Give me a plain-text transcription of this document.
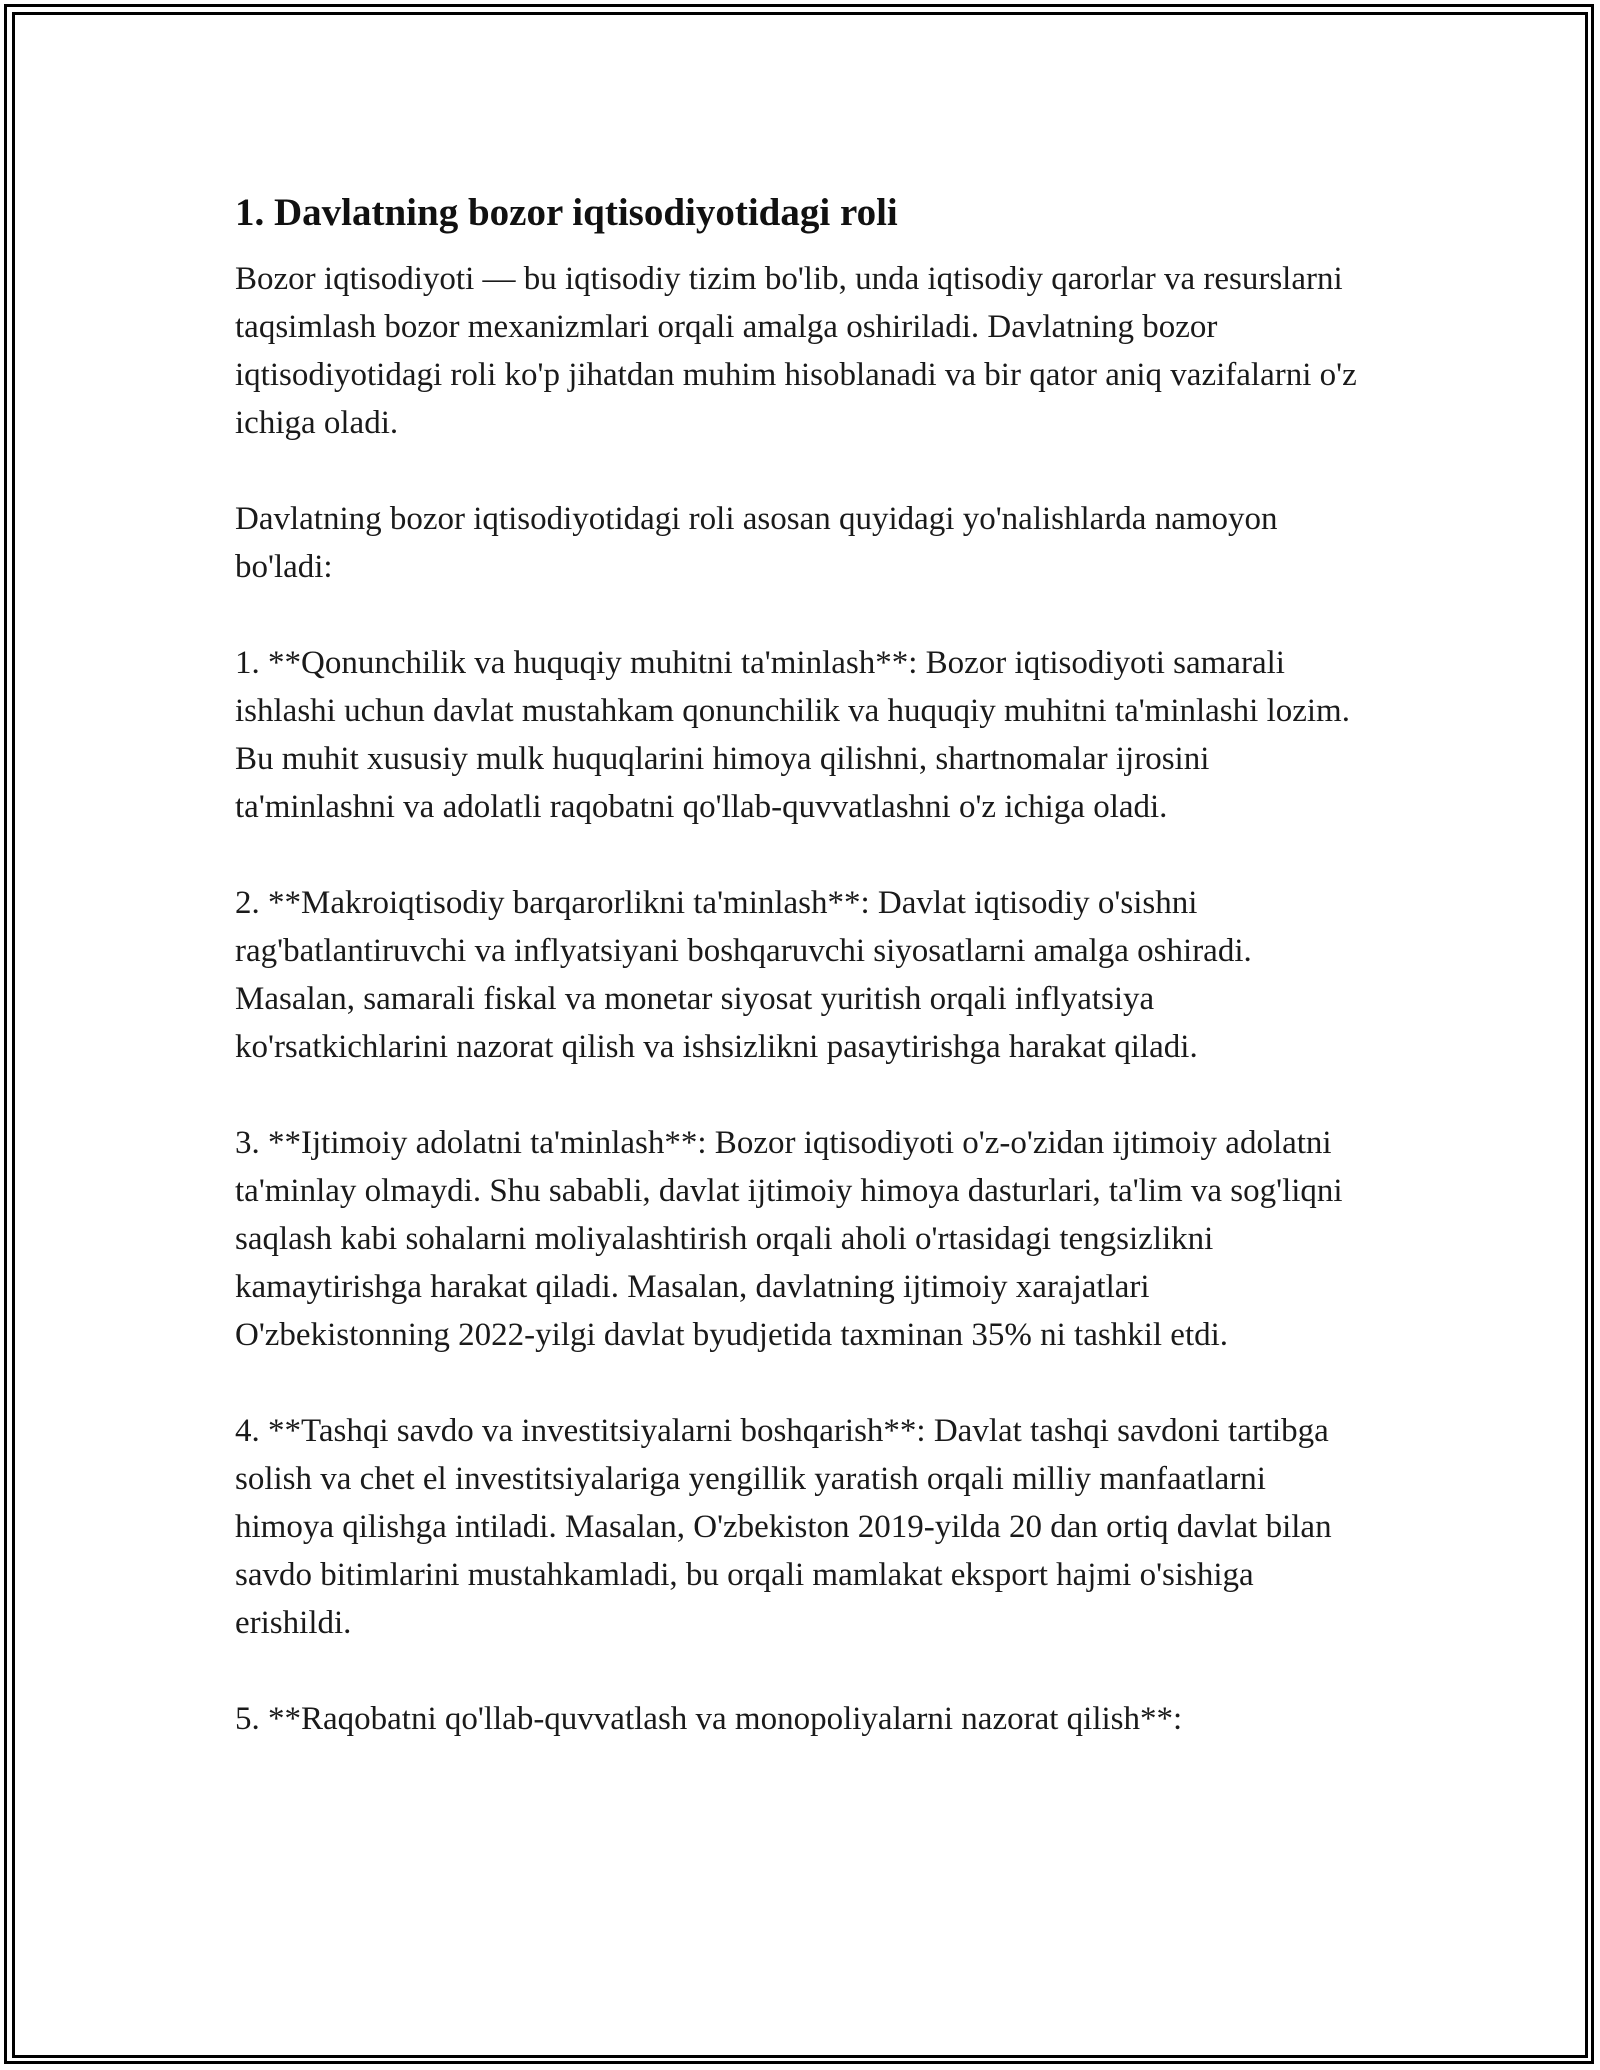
1. Davlatning bozor iqtisodiyotidagi roli

Bozor iqtisodiyoti — bu iqtisodiy tizim bo'lib, unda iqtisodiy qarorlar va resurslarni taqsimlash bozor mexanizmlari orqali amalga oshiriladi. Davlatning bozor iqtisodiyotidagi roli ko'p jihatdan muhim hisoblanadi va bir qator aniq vazifalarni o'z ichiga oladi.

Davlatning bozor iqtisodiyotidagi roli asosan quyidagi yo'nalishlarda namoyon bo'ladi:

1. **Qonunchilik va huquqiy muhitni ta'minlash**: Bozor iqtisodiyoti samarali ishlashi uchun davlat mustahkam qonunchilik va huquqiy muhitni ta'minlashi lozim. Bu muhit xususiy mulk huquqlarini himoya qilishni, shartnomalar ijrosini ta'minlashni va adolatli raqobatni qo'llab-quvvatlashni o'z ichiga oladi.

2. **Makroiqtisodiy barqarorlikni ta'minlash**: Davlat iqtisodiy o'sishni rag'batlantiruvchi va inflyatsiyani boshqaruvchi siyosatlarni amalga oshiradi. Masalan, samarali fiskal va monetar siyosat yuritish orqali inflyatsiya ko'rsatkichlarini nazorat qilish va ishsizlikni pasaytirishga harakat qiladi.

3. **Ijtimoiy adolatni ta'minlash**: Bozor iqtisodiyoti o'z-o'zidan ijtimoiy adolatni ta'minlay olmaydi. Shu sababli, davlat ijtimoiy himoya dasturlari, ta'lim va sog'liqni saqlash kabi sohalarni moliyalashtirish orqali aholi o'rtasidagi tengsizlikni kamaytirishga harakat qiladi. Masalan, davlatning ijtimoiy xarajatlari O'zbekistonning 2022-yilgi davlat byudjetida taxminan 35% ni tashkil etdi.

4. **Tashqi savdo va investitsiyalarni boshqarish**: Davlat tashqi savdoni tartibga solish va chet el investitsiyalariga yengillik yaratish orqali milliy manfaatlarni himoya qilishga intiladi. Masalan, O'zbekiston 2019-yilda 20 dan ortiq davlat bilan savdo bitimlarini mustahkamladi, bu orqali mamlakat eksport hajmi o'sishiga erishildi.

5. **Raqobatni qo'llab-quvvatlash va monopoliyalarni nazorat qilish**:
